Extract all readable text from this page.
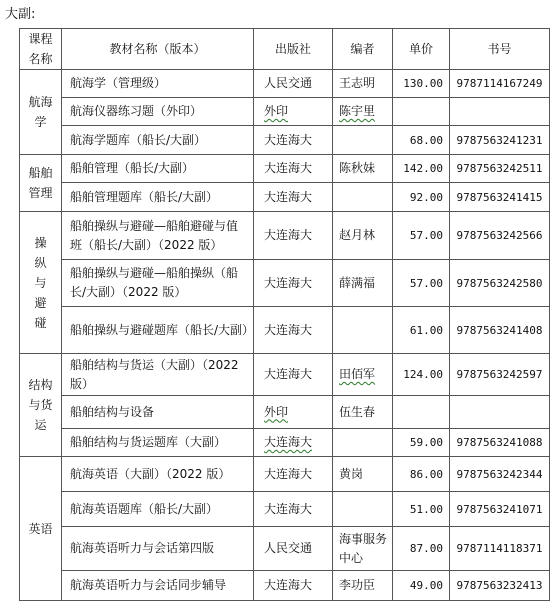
大副:
课程名称	教材名称（版本）	出版社	编者	单价	书号
航海学	航海学（管理级）	人民交通	王志明	130.00	9787114167249
	航海仪器练习题（外印）	外印	陈宇里		
	航海学题库（船长/大副）	大连海大		68.00	9787563241231
船舶管理	船舶管理（船长/大副）	大连海大	陈秋妹	142.00	9787563242511
	船舶管理题库（船长/大副）	大连海大		92.00	9787563241415
操纵与避碰	船舶操纵与避碰—船舶避碰与值班（船长/大副）（2022 版）	大连海大	赵月林	57.00	9787563242566
	船舶操纵与避碰—船舶操纵（船长/大副）（2022 版）	大连海大	薛满福	57.00	9787563242580
	船舶操纵与避碰题库（船长/大副）	大连海大		61.00	9787563241408
结构与货运	船舶结构与货运（大副）（2022版）	大连海大	田佰军	124.00	9787563242597
	船舶结构与设备	外印	伍生春		
	船舶结构与货运题库（大副）	大连海大		59.00	9787563241088
英语	航海英语（大副）（2022 版）	大连海大	黄岗	86.00	9787563242344
	航海英语题库（船长/大副）	大连海大		51.00	9787563241071
	航海英语听力与会话第四版	人民交通	海事服务中心	87.00	9787114118371
	航海英语听力与会话同步辅导	大连海大	李功臣	49.00	9787563232413
